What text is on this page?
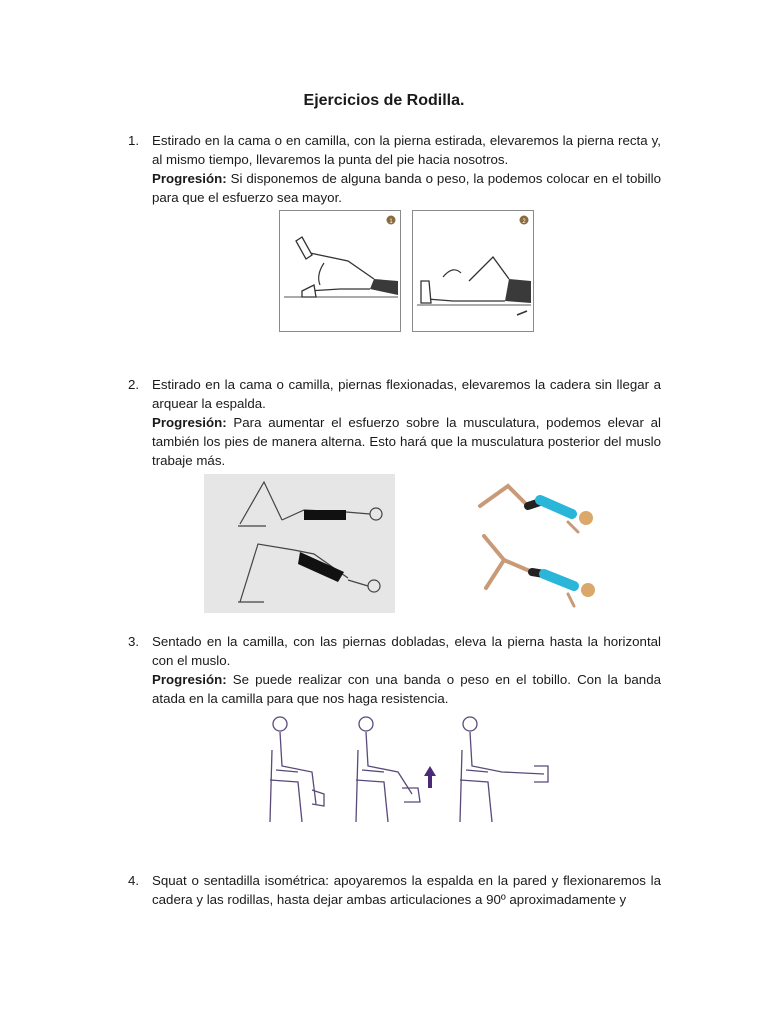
Ejercicios de Rodilla.
1. Estirado en la cama o en camilla, con la pierna estirada, elevaremos la pierna recta y, al mismo tiempo, llevaremos la punta del pie hacia nosotros.
Progresión: Si disponemos de alguna banda o peso, la podemos colocar en el tobillo para que el esfuerzo sea mayor.
1	2
2. Estirado en la cama o camilla, piernas flexionadas, elevaremos la cadera sin llegar a arquear la espalda.
Progresión: Para aumentar el esfuerzo sobre la musculatura, podemos elevar al también los pies de manera alterna. Esto hará que la musculatura posterior del muslo trabaje más.
3. Sentado en la camilla, con las piernas dobladas, eleva la pierna hasta la horizontal con el muslo.
Progresión: Se puede realizar con una banda o peso en el tobillo. Con la banda atada en la camilla para que nos haga resistencia.
4. Squat o sentadilla isométrica: apoyaremos la espalda en la pared y flexionaremos la cadera y las rodillas, hasta dejar ambas articulaciones a 90º aproximadamente y
